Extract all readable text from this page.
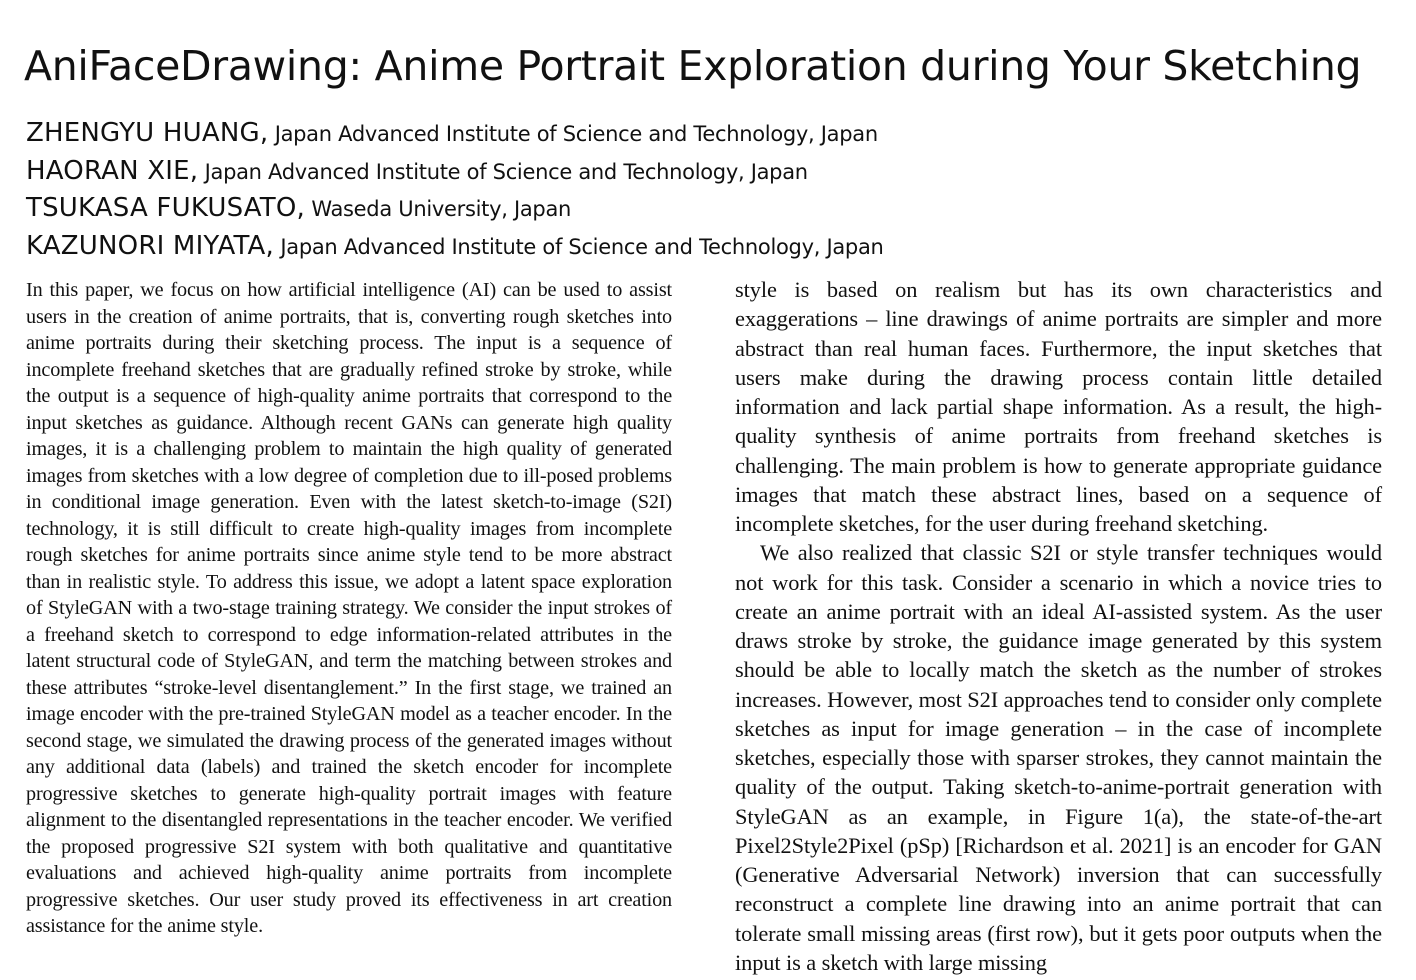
AniFaceDrawing: Anime Portrait Exploration during Your Sketching
ZHENGYU HUANG, Japan Advanced Institute of Science and Technology, Japan
HAORAN XIE, Japan Advanced Institute of Science and Technology, Japan
TSUKASA FUKUSATO, Waseda University, Japan
KAZUNORI MIYATA, Japan Advanced Institute of Science and Technology, Japan

In this paper, we focus on how artificial intelligence (AI) can be used to assist users in the creation of anime portraits, that is, converting rough sketches into anime portraits during their sketching process. The input is a sequence of incomplete freehand sketches that are gradually refined stroke by stroke, while the output is a sequence of high-quality anime portraits that correspond to the input sketches as guidance. Although recent GANs can generate high quality images, it is a challenging problem to maintain the high quality of generated images from sketches with a low degree of completion due to ill-posed problems in conditional image generation. Even with the latest sketch-to-image (S2I) technology, it is still difficult to create high-quality images from incomplete rough sketches for anime portraits since anime style tend to be more abstract than in realistic style. To address this issue, we adopt a latent space exploration of StyleGAN with a two-stage training strategy. We consider the input strokes of a freehand sketch to correspond to edge information-related attributes in the latent structural code of StyleGAN, and term the matching between strokes and these attributes “stroke-level disentanglement.” In the first stage, we trained an image encoder with the pre-trained StyleGAN model as a teacher encoder. In the second stage, we simulated the drawing process of the generated images without any additional data (labels) and trained the sketch encoder for incomplete progressive sketches to generate high-quality portrait images with feature alignment to the disentangled representations in the teacher encoder. We verified the proposed progressive S2I system with both qualitative and quantitative evaluations and achieved high-quality anime portraits from incomplete progressive sketches. Our user study proved its effectiveness in art creation assistance for the anime style.

style is based on realism but has its own characteristics and exaggerations – line drawings of anime portraits are simpler and more abstract than real human faces. Furthermore, the input sketches that users make during the drawing process contain little detailed information and lack partial shape information. As a result, the high-quality synthesis of anime portraits from freehand sketches is challenging. The main problem is how to generate appropriate guidance images that match these abstract lines, based on a sequence of incomplete sketches, for the user during freehand sketching.

We also realized that classic S2I or style transfer techniques would not work for this task. Consider a scenario in which a novice tries to create an anime portrait with an ideal AI-assisted system. As the user draws stroke by stroke, the guidance image generated by this system should be able to locally match the sketch as the number of strokes increases. However, most S2I approaches tend to consider only complete sketches as input for image generation – in the case of incomplete sketches, especially those with sparser strokes, they cannot maintain the quality of the output. Taking sketch-to-anime-portrait generation with StyleGAN as an example, in Figure 1(a), the state-of-the-art Pixel2Style2Pixel (pSp) [Richardson et al. 2021] is an encoder for GAN (Generative Adversarial Network) inversion that can successfully reconstruct a complete line drawing into an anime portrait that can tolerate small missing areas (first row), but it gets poor outputs when the input is a sketch with large missing
